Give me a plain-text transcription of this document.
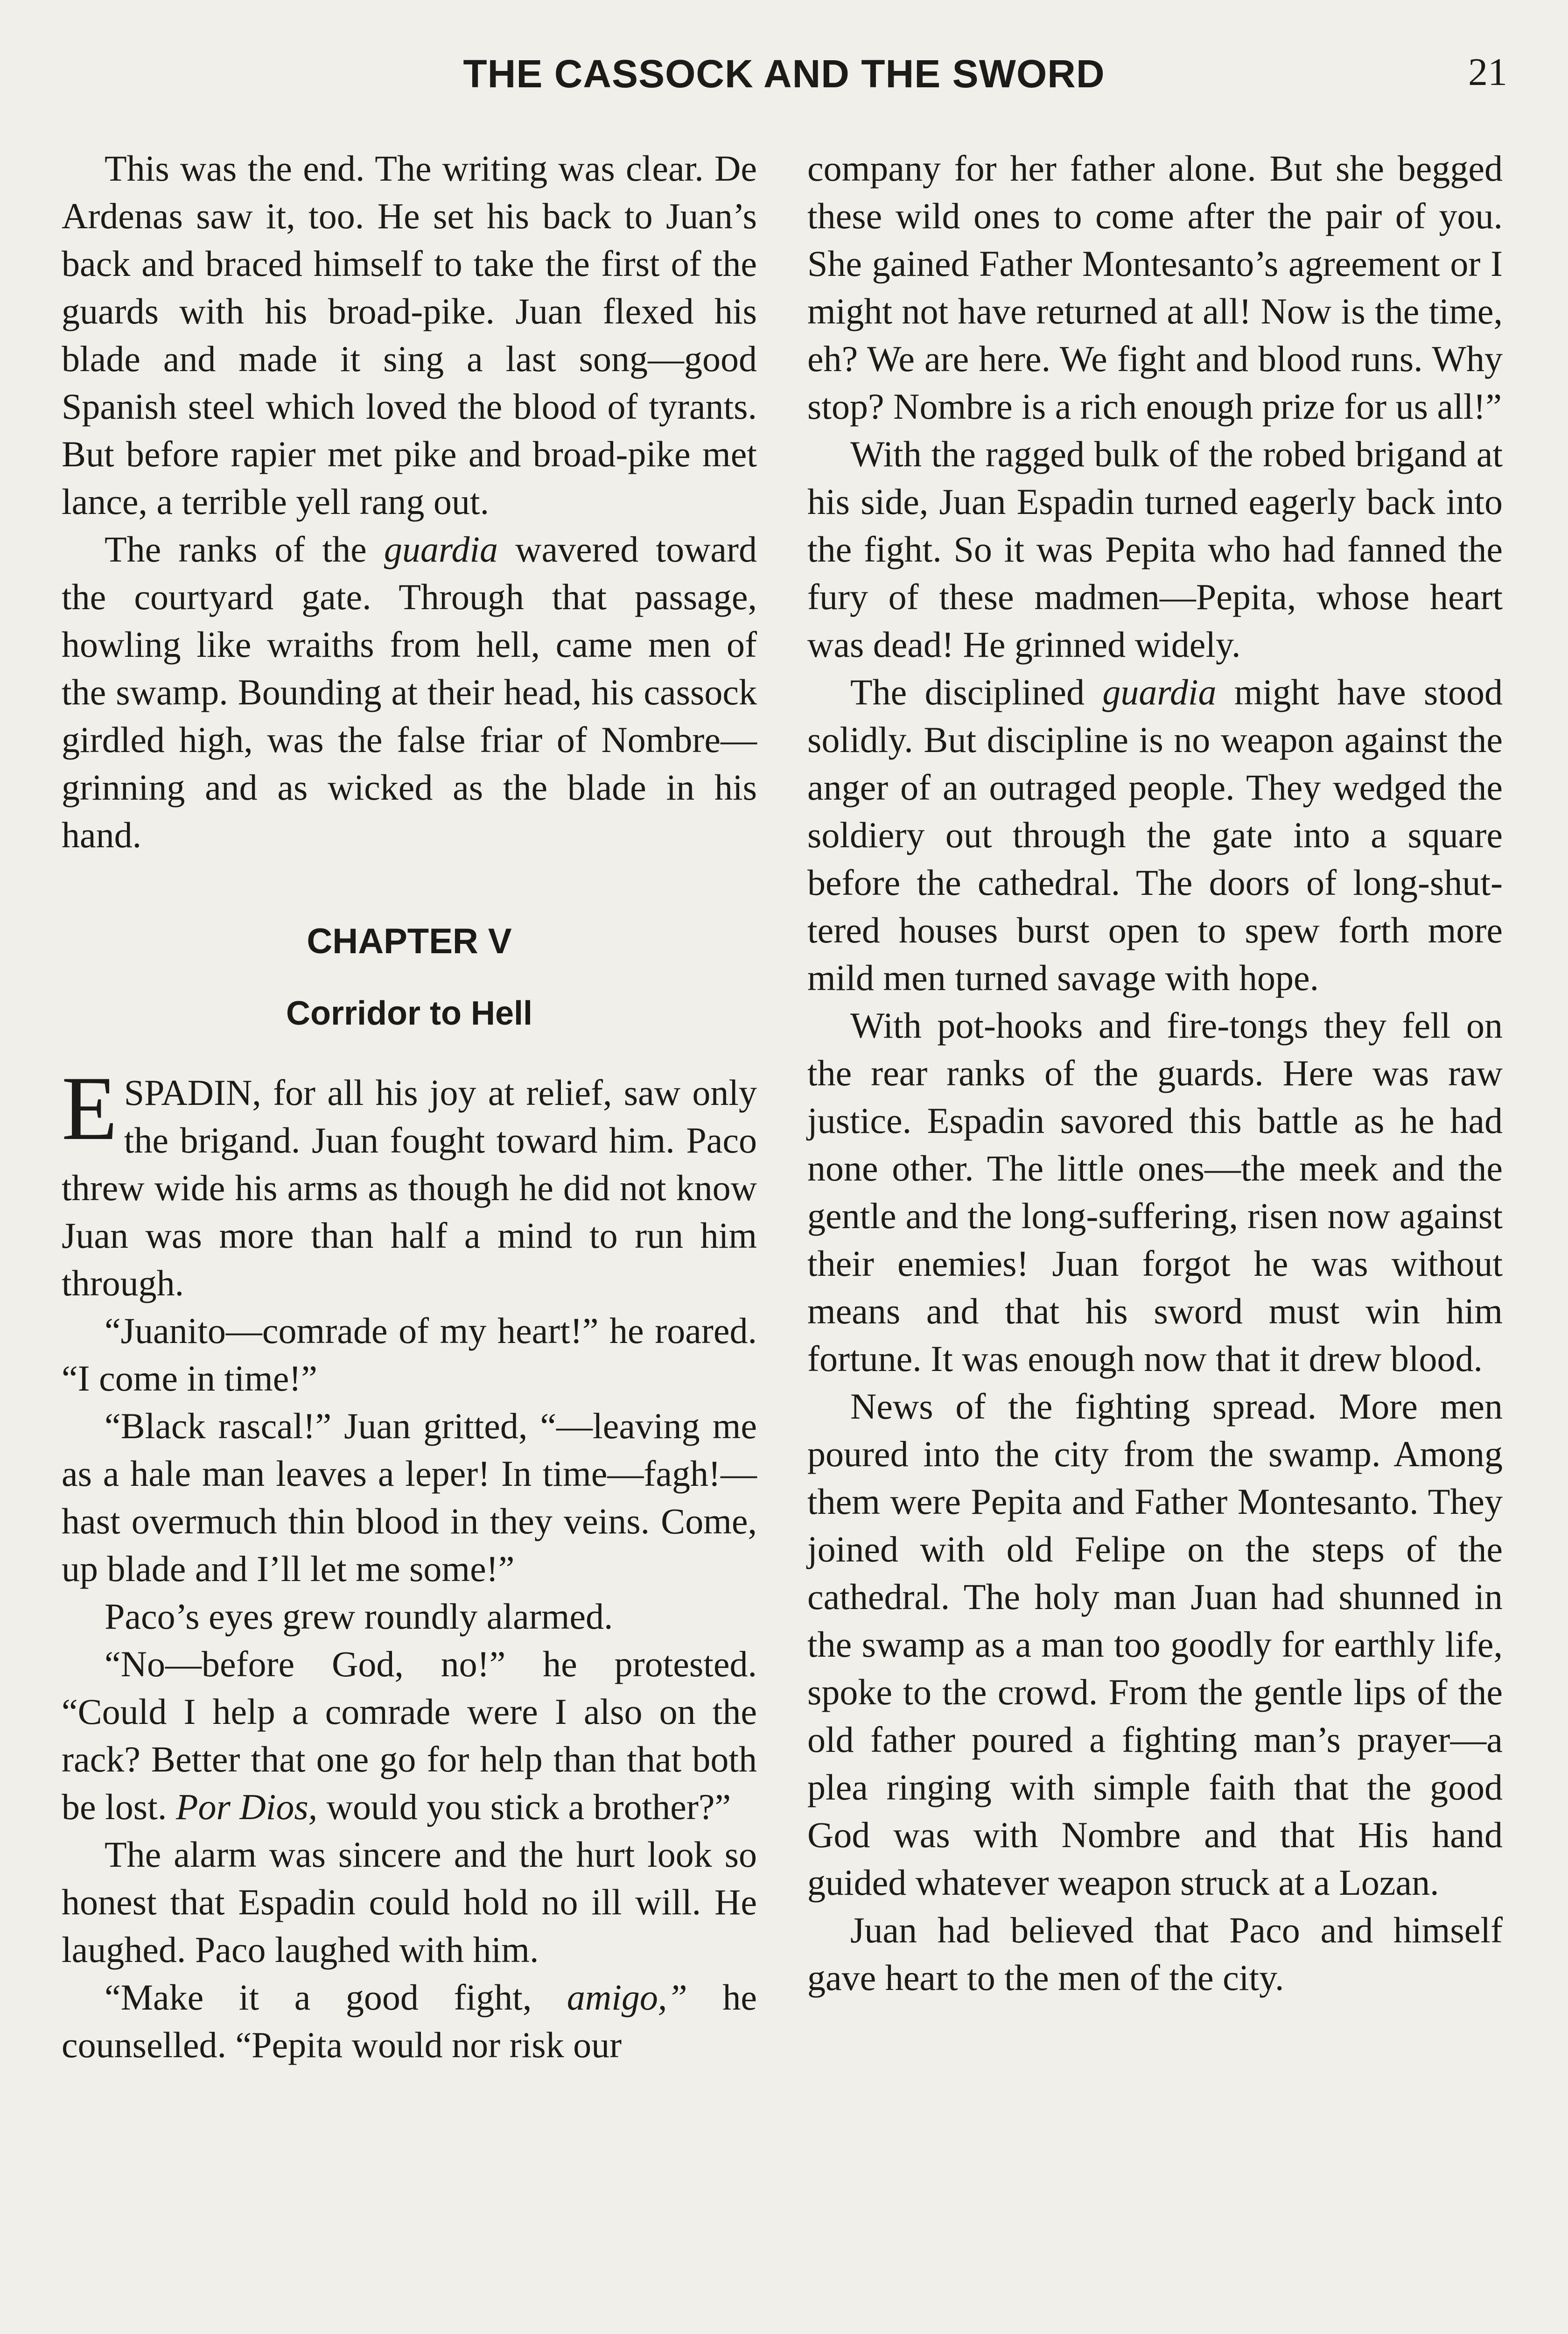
THE CASSOCK AND THE SWORD	21

This was the end. The writing was clear. De Ardenas saw it, too. He set his back to Juan’s back and braced himself to take the first of the guards with his broad-pike. Juan flexed his blade and made it sing a last song—good Spanish steel which loved the blood of tyrants. But before rapier met pike and broad-pike met lance, a terrible yell rang out.

The ranks of the guardia wavered toward the courtyard gate. Through that passage, howling like wraiths from hell, came men of the swamp. Bounding at their head, his cassock girdled high, was the false friar of Nombre—grinning and as wicked as the blade in his hand.

CHAPTER V
Corridor to Hell

ESPADIN, for all his joy at relief, saw only the brigand. Juan fought toward him. Paco threw wide his arms as though he did not know Juan was more than half a mind to run him through.

“Juanito—comrade of my heart!” he roared. “I come in time!”

“Black rascal!” Juan gritted, “—leaving me as a hale man leaves a leper! In time—fagh!—hast overmuch thin blood in they veins. Come, up blade and I’ll let me some!”

Paco’s eyes grew roundly alarmed.

“No—before God, no!” he protested. “Could I help a comrade were I also on the rack? Better that one go for help than that both be lost. Por Dios, would you stick a brother?”

The alarm was sincere and the hurt look so honest that Espadin could hold no ill will. He laughed. Paco laughed with him.

“Make it a good fight, amigo,” he counselled. “Pepita would nor risk our

company for her father alone. But she begged these wild ones to come after the pair of you. She gained Father Montesanto’s agreement or I might not have returned at all! Now is the time, eh? We are here. We fight and blood runs. Why stop? Nombre is a rich enough prize for us all!”

With the ragged bulk of the robed brigand at his side, Juan Espadin turned eagerly back into the fight. So it was Pepita who had fanned the fury of these madmen—Pepita, whose heart was dead! He grinned widely.

The disciplined guardia might have stood solidly. But discipline is no weapon against the anger of an outraged people. They wedged the soldiery out through the gate into a square before the cathedral. The doors of long-shuttered houses burst open to spew forth more mild men turned savage with hope.

With pot-hooks and fire-tongs they fell on the rear ranks of the guards. Here was raw justice. Espadin savored this battle as he had none other. The little ones—the meek and the gentle and the long-suffering, risen now against their enemies! Juan forgot he was without means and that his sword must win him fortune. It was enough now that it drew blood.

News of the fighting spread. More men poured into the city from the swamp. Among them were Pepita and Father Montesanto. They joined with old Felipe on the steps of the cathedral. The holy man Juan had shunned in the swamp as a man too goodly for earthly life, spoke to the crowd. From the gentle lips of the old father poured a fighting man’s prayer—a plea ringing with simple faith that the good God was with Nombre and that His hand guided whatever weapon struck at a Lozan.

Juan had believed that Paco and himself gave heart to the men of the city.
